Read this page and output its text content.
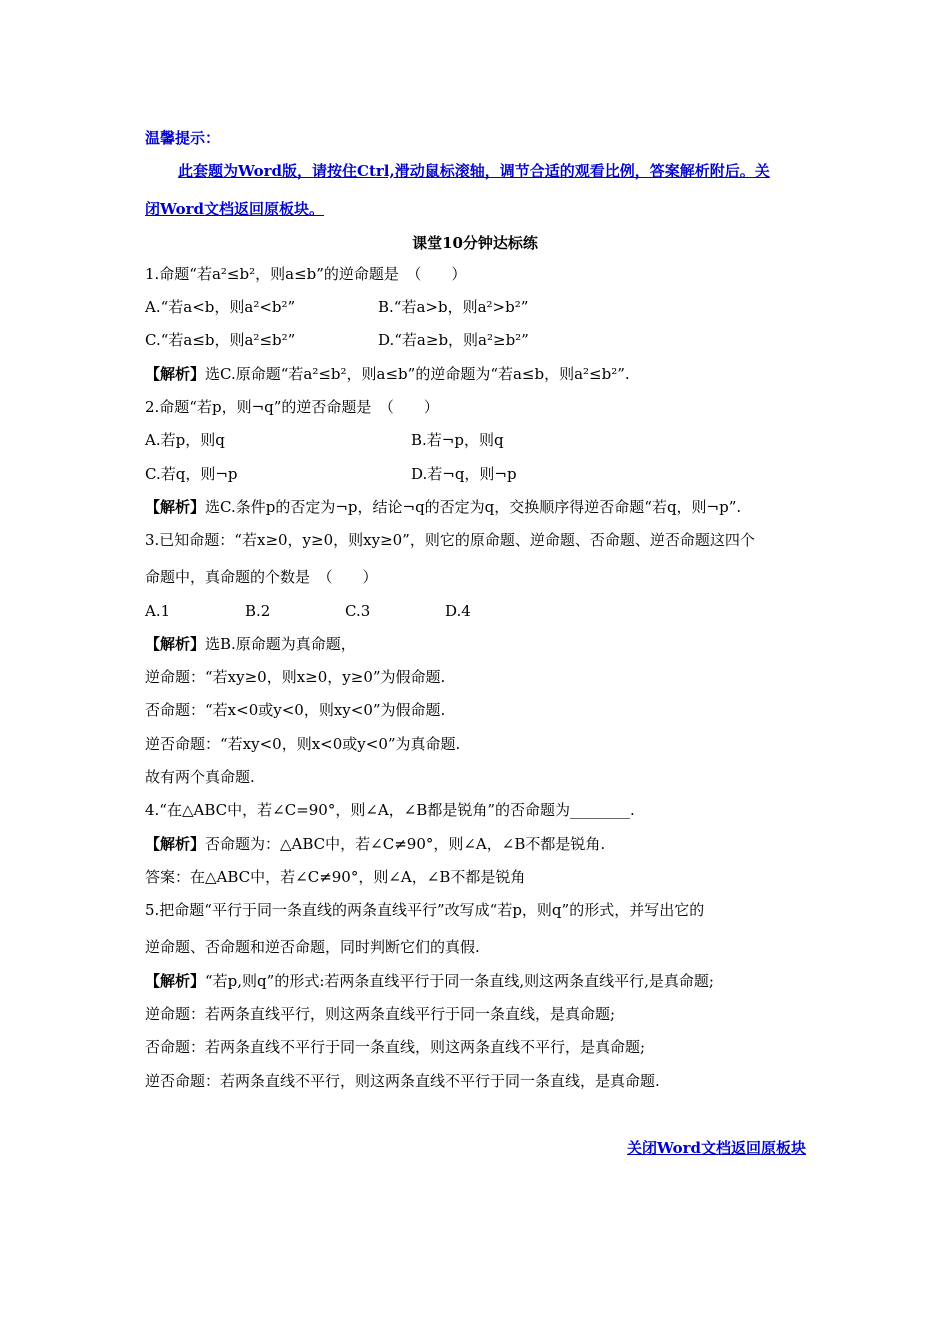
温馨提示：
此套题为Word版，请按住Ctrl,滑动鼠标滚轴，调节合适的观看比例，答案解析附后。关
闭Word文档返回原板块。
课堂10分钟达标练
1.命题“若a²≤b²，则a≤b”的逆命题是　（　　）
A.“若a<b，则a²<b²”	B.“若a>b，则a²>b²”
C.“若a≤b，则a²≤b²”	D.“若a≥b，则a²≥b²”
【解析】选C.原命题“若a²≤b²，则a≤b”的逆命题为“若a≤b，则a²≤b²”.
2.命题“若p，则¬q”的逆否命题是　（　　）
A.若p，则q	B.若¬p，则q
C.若q，则¬p	D.若¬q，则¬p
【解析】选C.条件p的否定为¬p，结论¬q的否定为q，交换顺序得逆否命题“若q，则¬p”.
3.已知命题：“若x≥0，y≥0，则xy≥0”，则它的原命题、逆命题、否命题、逆否命题这四个
命题中，真命题的个数是　（　　）
A.1	B.2	C.3	D.4
【解析】选B.原命题为真命题，
逆命题：“若xy≥0，则x≥0，y≥0”为假命题.
否命题：“若x<0或y<0，则xy<0”为假命题.
逆否命题：“若xy<0，则x<0或y<0”为真命题.
故有两个真命题.
4.“在△ABC中，若∠C=90°，则∠A，∠B都是锐角”的否命题为________.
【解析】否命题为：△ABC中，若∠C≠90°，则∠A，∠B不都是锐角.
答案：在△ABC中，若∠C≠90°，则∠A，∠B不都是锐角
5.把命题“平行于同一条直线的两条直线平行”改写成“若p，则q”的形式，并写出它的
逆命题、否命题和逆否命题，同时判断它们的真假.
【解析】“若p,则q”的形式:若两条直线平行于同一条直线,则这两条直线平行,是真命题;
逆命题：若两条直线平行，则这两条直线平行于同一条直线，是真命题;
否命题：若两条直线不平行于同一条直线，则这两条直线不平行，是真命题;
逆否命题：若两条直线不平行，则这两条直线不平行于同一条直线，是真命题.
关闭Word文档返回原板块
